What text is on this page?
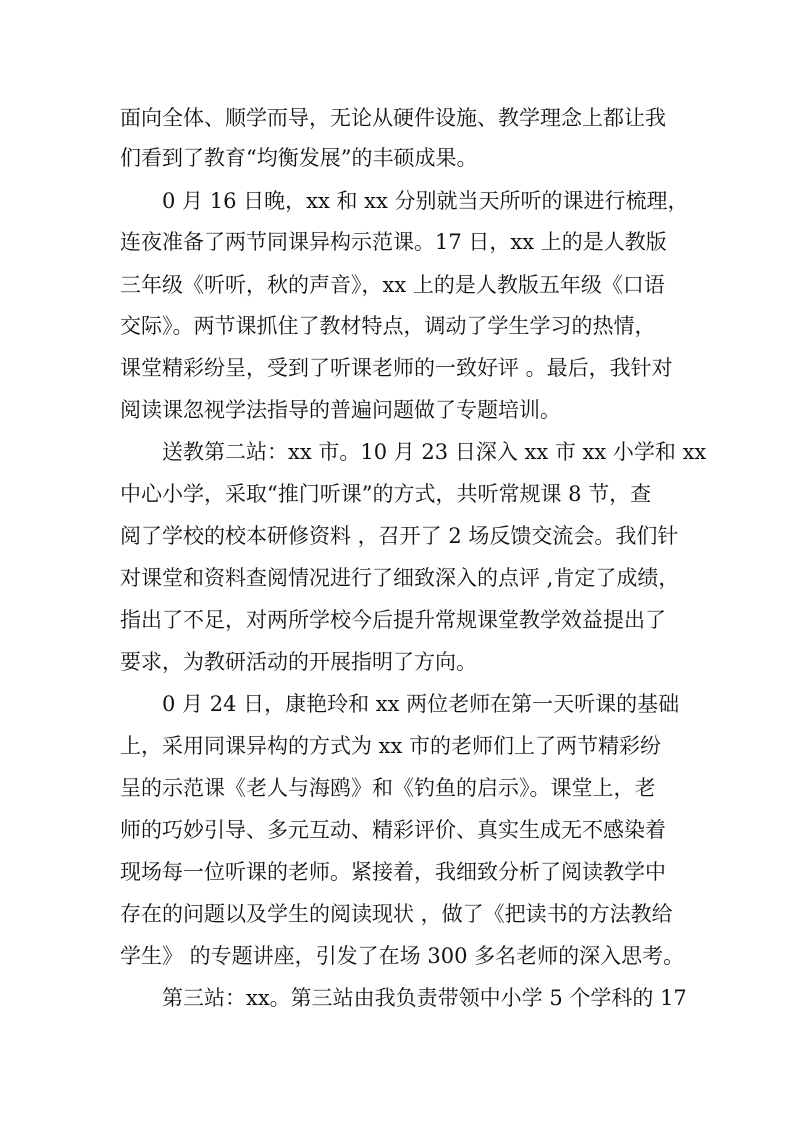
面向全体、顺学而导，无论从硬件设施、教学理念上都让我
们看到了教育“均衡发展”的丰硕成果。
0 月 16 日晚，xx 和 xx 分别就当天所听的课进行梳理，
连夜准备了两节同课异构示范课。17 日，xx 上的是人教版
三年级《听听，秋的声音》，xx 上的是人教版五年级《口语
交际》。两节课抓住了教材特点，调动了学生学习的热情，
课堂精彩纷呈，受到了听课老师的一致好评 。最后，我针对
阅读课忽视学法指导的普遍问题做了专题培训。
送教第二站：xx 市。10 月 23 日深入 xx 市 xx 小学和 xx
中心小学，采取“推门听课”的方式，共听常规课 8 节，查
阅了学校的校本研修资料 ，召开了 2 场反馈交流会。我们针
对课堂和资料查阅情况进行了细致深入的点评 ,肯定了成绩，
指出了不足，对两所学校今后提升常规课堂教学效益提出了
要求，为教研活动的开展指明了方向。
0 月 24 日，康艳玲和 xx 两位老师在第一天听课的基础
上，采用同课异构的方式为 xx 市的老师们上了两节精彩纷
呈的示范课《老人与海鸥》和《钓鱼的启示》。课堂上，老
师的巧妙引导、多元互动、精彩评价、真实生成无不感染着
现场每一位听课的老师。紧接着，我细致分析了阅读教学中
存在的问题以及学生的阅读现状 ，做了《把读书的方法教给
学生》 的专题讲座，引发了在场 300 多名老师的深入思考。
第三站：xx。第三站由我负责带领中小学 5 个学科的 17
